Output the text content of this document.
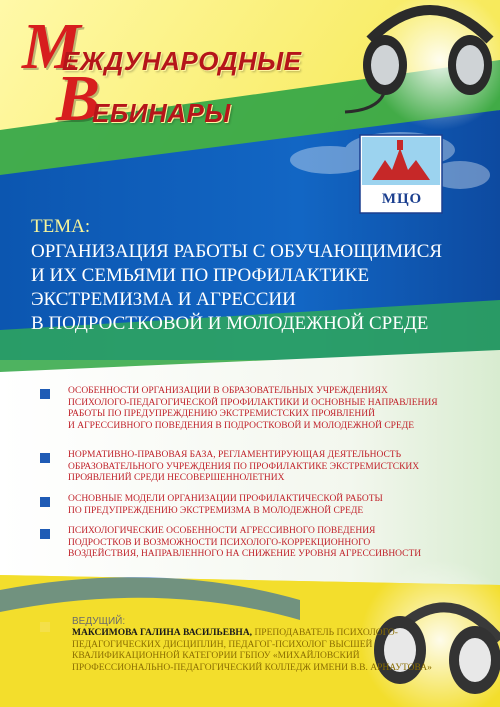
М
ЕЖДУНАРОДНЫЕ
В
ЕБИНАРЫ
МЦО
ТЕМА:
ОРГАНИЗАЦИЯ РАБОТЫ С ОБУЧАЮЩИМИСЯ
И ИХ СЕМЬЯМИ ПО ПРОФИЛАКТИКЕ
ЭКСТРЕМИЗМА И АГРЕССИИ
В ПОДРОСТКОВОЙ И МОЛОДЕЖНОЙ СРЕДЕ
ОСОБЕННОСТИ ОРГАНИЗАЦИИ В ОБРАЗОВАТЕЛЬНЫХ УЧРЕЖДЕНИЯХ
ПСИХОЛОГО-ПЕДАГОГИЧЕСКОЙ ПРОФИЛАКТИКИ И ОСНОВНЫЕ НАПРАВЛЕНИЯ
РАБОТЫ ПО ПРЕДУПРЕЖДЕНИЮ ЭКСТРЕМИСТСКИХ ПРОЯВЛЕНИЙ
И АГРЕССИВНОГО ПОВЕДЕНИЯ В ПОДРОСТКОВОЙ И МОЛОДЕЖНОЙ СРЕДЕ
НОРМАТИВНО-ПРАВОВАЯ БАЗА, РЕГЛАМЕНТИРУЮЩАЯ ДЕЯТЕЛЬНОСТЬ
ОБРАЗОВАТЕЛЬНОГО УЧРЕЖДЕНИЯ ПО ПРОФИЛАКТИКЕ ЭКСТРЕМИСТСКИХ
ПРОЯВЛЕНИЙ СРЕДИ НЕСОВЕРШЕННОЛЕТНИХ
ОСНОВНЫЕ МОДЕЛИ ОРГАНИЗАЦИИ ПРОФИЛАКТИЧЕСКОЙ РАБОТЫ
ПО ПРЕДУПРЕЖДЕНИЮ ЭКСТРЕМИЗМА В МОЛОДЕЖНОЙ СРЕДЕ
ПСИХОЛОГИЧЕСКИЕ ОСОБЕННОСТИ АГРЕССИВНОГО ПОВЕДЕНИЯ
ПОДРОСТКОВ И ВОЗМОЖНОСТИ ПСИХОЛОГО-КОРРЕКЦИОННОГО
ВОЗДЕЙСТВИЯ, НАПРАВЛЕННОГО НА СНИЖЕНИЕ УРОВНЯ АГРЕССИВНОСТИ
ВЕДУЩИЙ:
МАКСИМОВА ГАЛИНА ВАСИЛЬЕВНА, ПРЕПОДАВАТЕЛЬ ПСИХОЛОГО-
ПЕДАГОГИЧЕСКИХ ДИСЦИПЛИН, ПЕДАГОГ-ПСИХОЛОГ ВЫСШЕЙ
КВАЛИФИКАЦИОННОЙ КАТЕГОРИИ ГБПОУ «МИХАЙЛОВСКИЙ
ПРОФЕССИОНАЛЬНО-ПЕДАГОГИЧЕСКИЙ КОЛЛЕДЖ ИМЕНИ В.В. АРНАУТОВА»
